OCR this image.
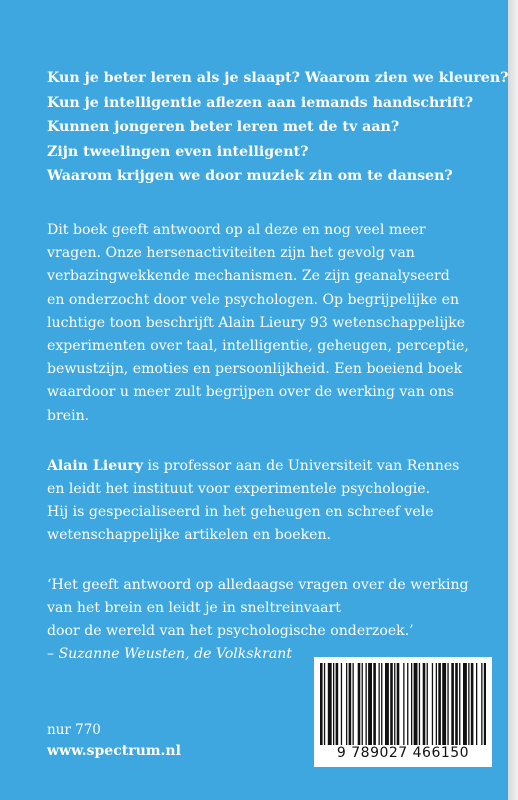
Kun je beter leren als je slaapt? Waarom zien we kleuren?

Kun je intelligentie aflezen aan iemands handschrift?

Kunnen jongeren beter leren met de tv aan?

Zijn tweelingen even intelligent?

Waarom krijgen we door muziek zin om te dansen?

Dit boek geeft antwoord op al deze en nog veel meer
vragen. Onze hersenactiviteiten zijn het gevolg van
verbazingwekkende mechanismen. Ze zijn geanalyseerd
en onderzocht door vele psychologen. Op begrijpelijke en
luchtige toon beschrijft Alain Lieury 93 wetenschappelijke
experimenten over taal, intelligentie, geheugen, perceptie,
bewustzijn, emoties en persoonlijkheid. Een boeiend boek
waardoor u meer zult begrijpen over de werking van ons
brein.
Alain Lieury is professor aan de Universiteit van Rennes
en leidt het instituut voor experimentele psychologie.
Hij is gespecialiseerd in het geheugen en schreef vele
wetenschappelijke artikelen en boeken.
‘Het geeft antwoord op alledaagse vragen over de werking
van het brein en leidt je in sneltreinvaart
door de wereld van het psychologische onderzoek.’
– Suzanne Weusten, de Volkskrant
nur 770
www.spectrum.nl	9 789027 466150
